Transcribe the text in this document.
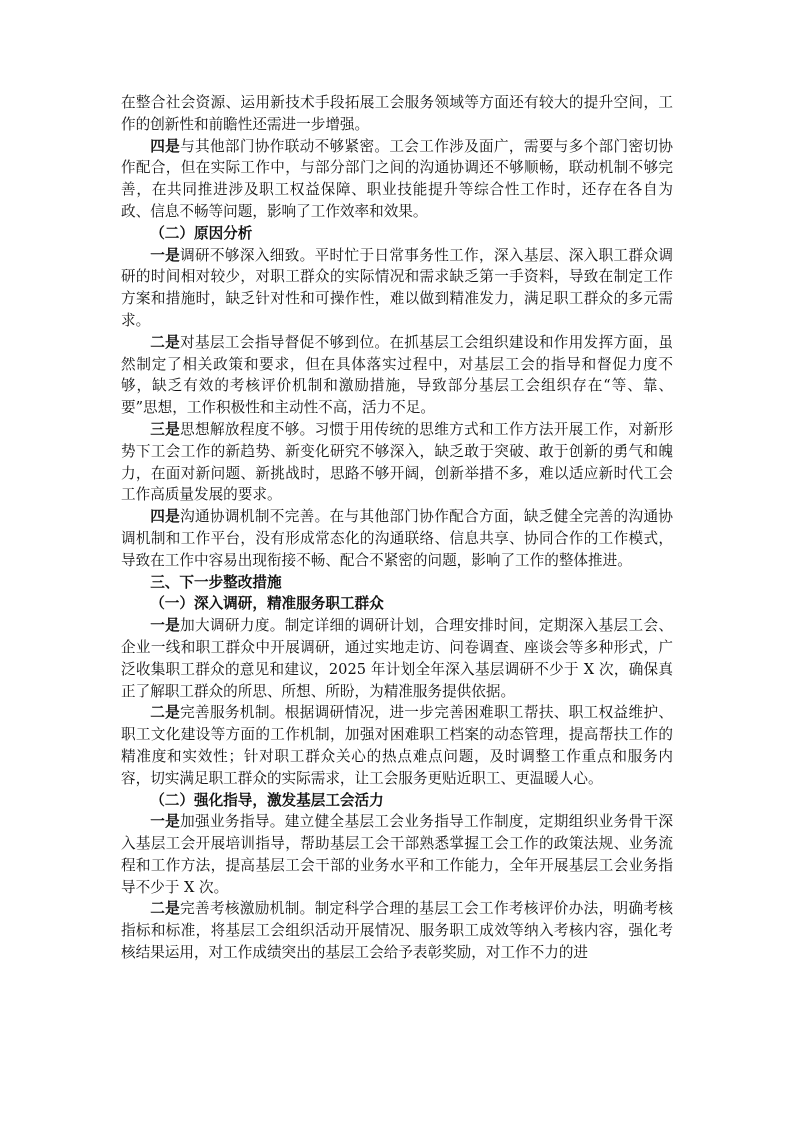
在整合社会资源、运用新技术手段拓展工会服务领域等方面还有较大的提升空间，工作的创新性和前瞻性还需进一步增强。

四是与其他部门协作联动不够紧密。工会工作涉及面广，需要与多个部门密切协作配合，但在实际工作中，与部分部门之间的沟通协调还不够顺畅，联动机制不够完善，在共同推进涉及职工权益保障、职业技能提升等综合性工作时，还存在各自为政、信息不畅等问题，影响了工作效率和效果。

（二）原因分析

一是调研不够深入细致。平时忙于日常事务性工作，深入基层、深入职工群众调研的时间相对较少，对职工群众的实际情况和需求缺乏第一手资料，导致在制定工作方案和措施时，缺乏针对性和可操作性，难以做到精准发力，满足职工群众的多元需求。

二是对基层工会指导督促不够到位。在抓基层工会组织建设和作用发挥方面，虽然制定了相关政策和要求，但在具体落实过程中，对基层工会的指导和督促力度不够，缺乏有效的考核评价机制和激励措施，导致部分基层工会组织存在“等、靠、要”思想，工作积极性和主动性不高，活力不足。

三是思想解放程度不够。习惯于用传统的思维方式和工作方法开展工作，对新形势下工会工作的新趋势、新变化研究不够深入，缺乏敢于突破、敢于创新的勇气和魄力，在面对新问题、新挑战时，思路不够开阔，创新举措不多，难以适应新时代工会工作高质量发展的要求。

四是沟通协调机制不完善。在与其他部门协作配合方面，缺乏健全完善的沟通协调机制和工作平台，没有形成常态化的沟通联络、信息共享、协同合作的工作模式，导致在工作中容易出现衔接不畅、配合不紧密的问题，影响了工作的整体推进。

三、下一步整改措施

（一）深入调研，精准服务职工群众

一是加大调研力度。制定详细的调研计划，合理安排时间，定期深入基层工会、企业一线和职工群众中开展调研，通过实地走访、问卷调查、座谈会等多种形式，广泛收集职工群众的意见和建议，2025 年计划全年深入基层调研不少于 X 次，确保真正了解职工群众的所思、所想、所盼，为精准服务提供依据。

二是完善服务机制。根据调研情况，进一步完善困难职工帮扶、职工权益维护、职工文化建设等方面的工作机制，加强对困难职工档案的动态管理，提高帮扶工作的精准度和实效性；针对职工群众关心的热点难点问题，及时调整工作重点和服务内容，切实满足职工群众的实际需求，让工会服务更贴近职工、更温暖人心。

（二）强化指导，激发基层工会活力

一是加强业务指导。建立健全基层工会业务指导工作制度，定期组织业务骨干深入基层工会开展培训指导，帮助基层工会干部熟悉掌握工会工作的政策法规、业务流程和工作方法，提高基层工会干部的业务水平和工作能力，全年开展基层工会业务指导不少于 X 次。

二是完善考核激励机制。制定科学合理的基层工会工作考核评价办法，明确考核指标和标准，将基层工会组织活动开展情况、服务职工成效等纳入考核内容，强化考核结果运用，对工作成绩突出的基层工会给予表彰奖励，对工作不力的进
